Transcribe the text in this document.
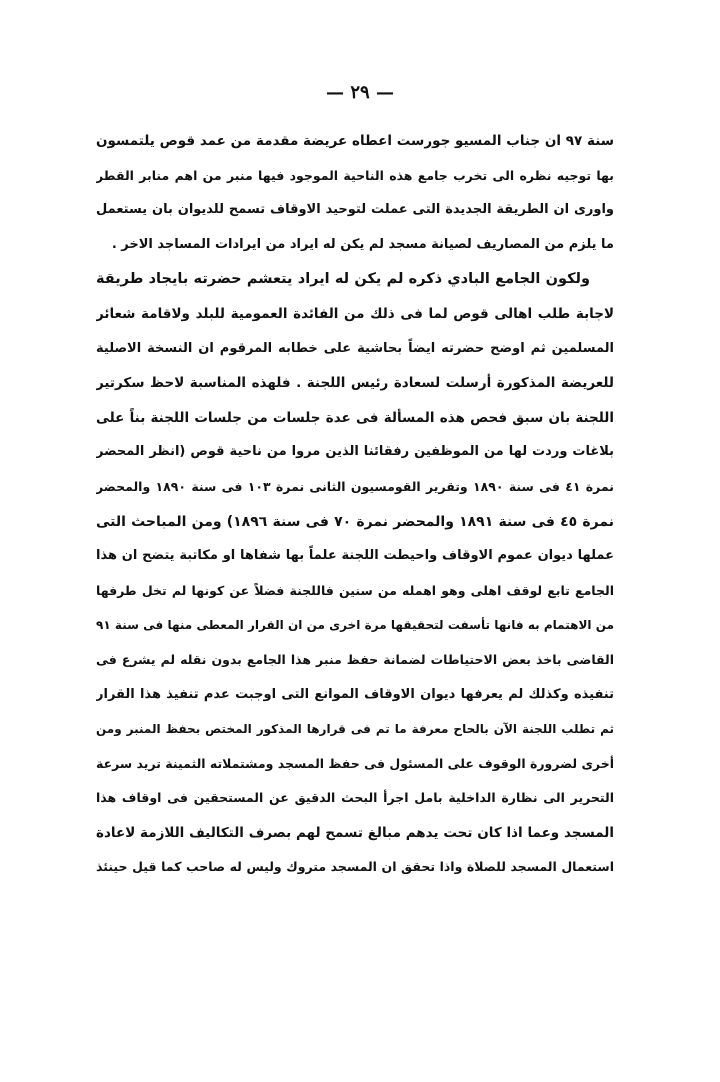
— ٢٩ —
سنة ٩٧ ان جناب المسيو جورست اعطاه عريضة مقدمة من عمد قوص يلتمسون
بها توجيه نظره الى تخرب جامع هذه الناحية الموجود فيها منبر من اهم منابر القطر
واورى ان الطريقة الجديدة التى عملت لتوحيد الاوقاف تسمح للديوان بان يستعمل
ما يلزم من المصاريف لصيانة مسجد لم يكن له ايراد من ايرادات المساجد الاخر .
ولكون الجامع البادي ذكره لم يكن له ايراد يتعشم حضرته بايجاد طريقة
لاجابة طلب اهالى قوص لما فى ذلك من الفائدة العمومية للبلد ولاقامة شعائر
المسلمين ثم اوضح حضرته ايضاً بحاشية على خطابه المرقوم ان النسخة الاصلية
للعريضة المذكورة أرسلت لسعادة رئيس اللجنة . فلهذه المناسبة لاحظ سكرتير
اللجنة بان سبق فحص هذه المسألة فى عدة جلسات من جلسات اللجنة بناً على
بلاغات وردت لها من الموظفين رفقائنا الذين مروا من ناحية قوص (انظر المحضر
نمرة ٤١ فى سنة ١٨٩٠ وتقرير القومسيون الثانى نمرة ١٠٣ فى سنة ١٨٩٠ والمحضر
نمرة ٤٥ فى سنة ١٨٩١ والمحضر نمرة ٧٠ فى سنة ١٨٩٦) ومن المباحث التى
عملها ديوان عموم الاوقاف واحيطت اللجنة علماً بها شفاها او مكاتبة يتضح ان هذا
الجامع تابع لوقف اهلى وهو اهمله من سنين فاللجنة فضلاً عن كونها لم تخل طرفها
من الاهتمام به فانها تأسفت لتحقيقها مرة اخرى من ان القرار المعطى منها فى سنة ٩١
القاضى باخذ بعض الاحتياطات لضمانة حفظ منبر هذا الجامع بدون نقله لم يشرع فى
تنفيذه وكذلك لم يعرفها ديوان الاوقاف الموانع التى اوجبت عدم تنفيذ هذا القرار
ثم تطلب اللجنة الآن بالحاح معرفة ما تم فى قرارها المذكور المختص بحفظ المنبر ومن
أخرى لضرورة الوقوف على المسئول فى حفظ المسجد ومشتملاته الثمينة تريد سرعة
التحرير الى نظارة الداخلية بامل اجرأ البحث الدقيق عن المستحقين فى اوقاف هذا
المسجد وعما اذا كان تحت يدهم مبالغ تسمح لهم بصرف التكاليف اللازمة لاعادة
استعمال المسجد للصلاة واذا تحقق ان المسجد متروك وليس له صاحب كما قيل حينئذ
